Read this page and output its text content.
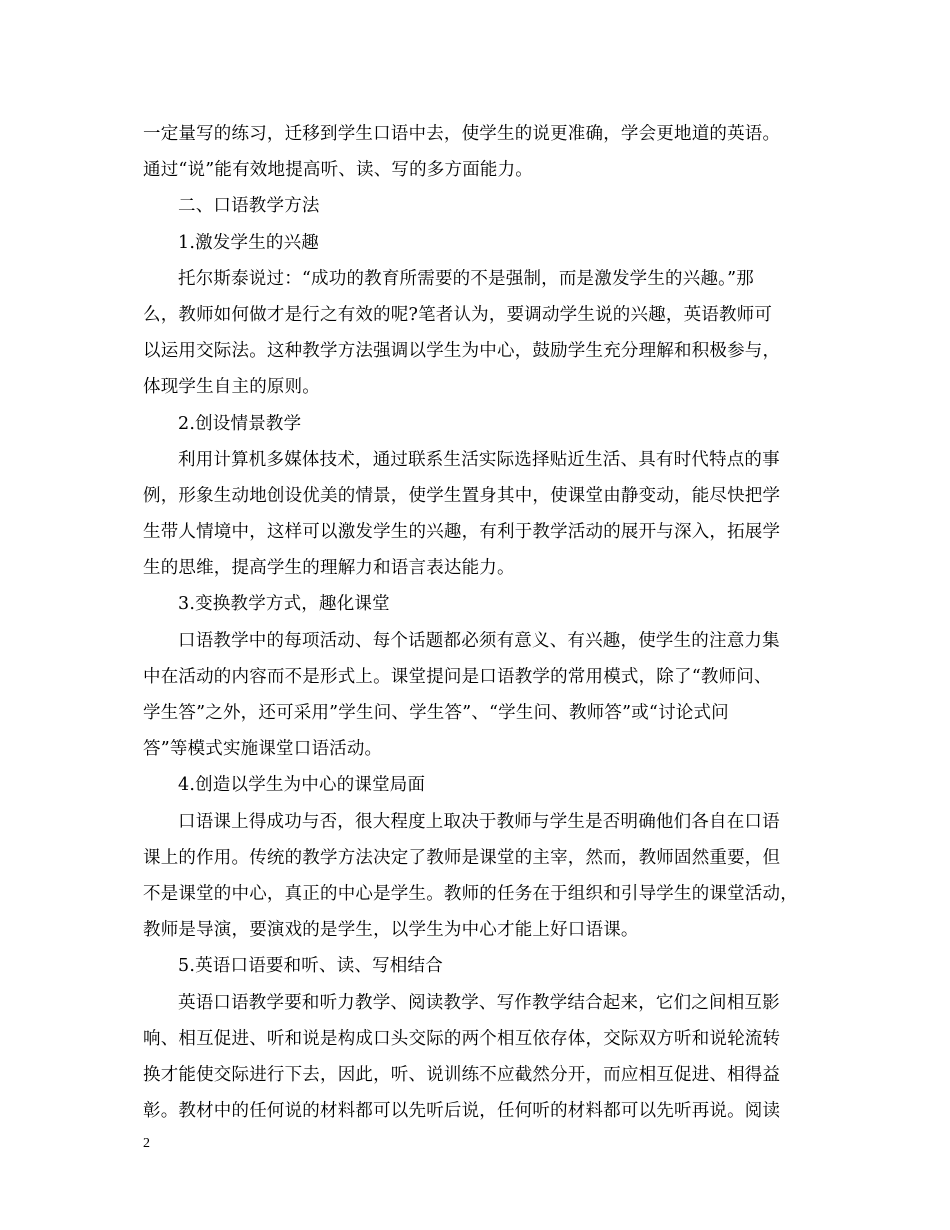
一定量写的练习，迁移到学生口语中去，使学生的说更准确，学会更地道的英语。
通过“说”能有效地提高听、读、写的多方面能力。
二、口语教学方法
1.激发学生的兴趣
托尔斯泰说过：“成功的教育所需要的不是强制，而是激发学生的兴趣。”那
么，教师如何做才是行之有效的呢?笔者认为，要调动学生说的兴趣，英语教师可
以运用交际法。这种教学方法强调以学生为中心，鼓励学生充分理解和积极参与，
体现学生自主的原则。
2.创设情景教学
利用计算机多媒体技术，通过联系生活实际选择贴近生活、具有时代特点的事
例，形象生动地创设优美的情景，使学生置身其中，使课堂由静变动，能尽快把学
生带人情境中，这样可以激发学生的兴趣，有利于教学活动的展开与深入，拓展学
生的思维，提高学生的理解力和语言表达能力。
3.变换教学方式，趣化课堂
口语教学中的每项活动、每个话题都必须有意义、有兴趣，使学生的注意力集
中在活动的内容而不是形式上。课堂提问是口语教学的常用模式，除了“教师问、
学生答”之外，还可采用”学生问、学生答”、“学生问、教师答”或“讨论式问
答”等模式实施课堂口语活动。
4.创造以学生为中心的课堂局面
口语课上得成功与否，很大程度上取决于教师与学生是否明确他们各自在口语
课上的作用。传统的教学方法决定了教师是课堂的主宰，然而，教师固然重要，但
不是课堂的中心，真正的中心是学生。教师的任务在于组织和引导学生的课堂活动，
教师是导演，要演戏的是学生，以学生为中心才能上好口语课。
5.英语口语要和听、读、写相结合
英语口语教学要和听力教学、阅读教学、写作教学结合起来，它们之间相互影
响、相互促进、听和说是构成口头交际的两个相互依存体，交际双方听和说轮流转
换才能使交际进行下去，因此，听、说训练不应截然分开，而应相互促进、相得益
彰。教材中的任何说的材料都可以先听后说，任何听的材料都可以先听再说。阅读
2
